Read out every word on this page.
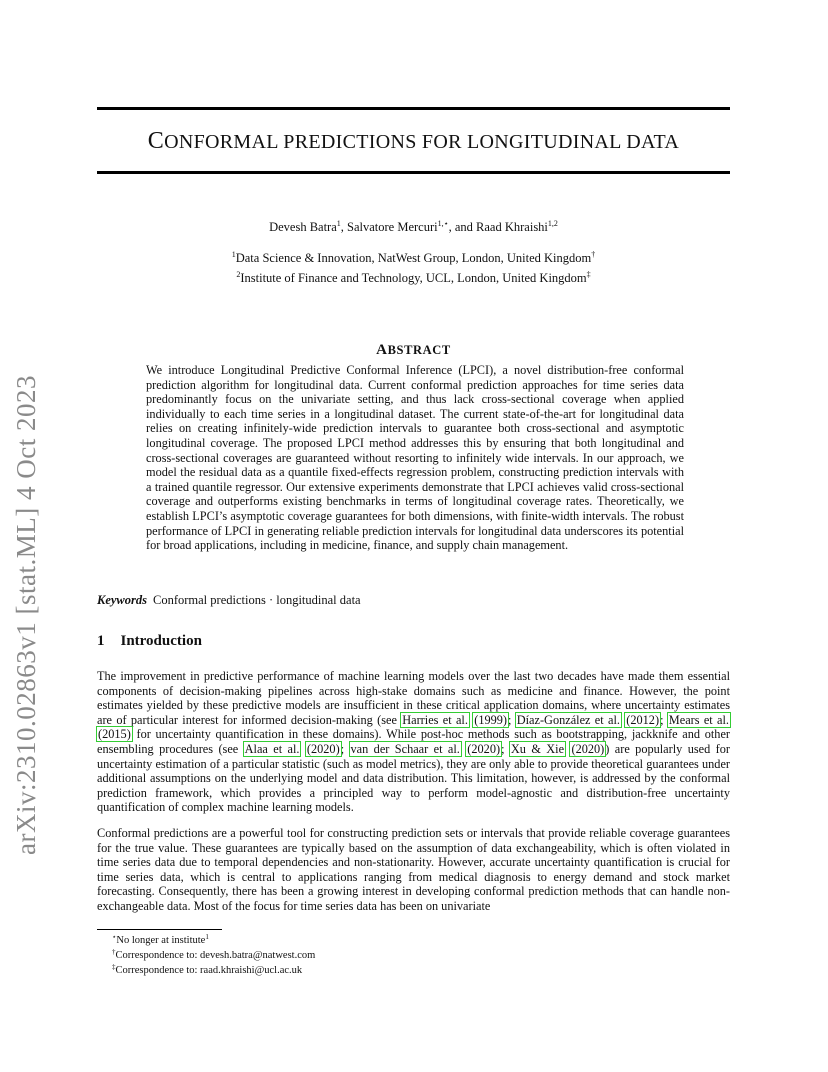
arXiv:2310.02863v1 [stat.ML] 4 Oct 2023
CONFORMAL PREDICTIONS FOR LONGITUDINAL DATA
Devesh Batra$^1$, Salvatore Mercuri$^{1,⋆}$, and Raad Khraishi$^{1,2}$
$^1$Data Science & Innovation, NatWest Group, London, United Kingdom†
$^2$Institute of Finance and Technology, UCL, London, United Kingdom‡
ABSTRACT
We introduce Longitudinal Predictive Conformal Inference (LPCI), a novel distribution-free conformal prediction algorithm for longitudinal data. Current conformal prediction approaches for time series data predominantly focus on the univariate setting, and thus lack cross-sectional coverage when applied individually to each time series in a longitudinal dataset. The current state-of-the-art for longitudinal data relies on creating infinitely-wide prediction intervals to guarantee both cross-sectional and asymptotic longitudinal coverage. The proposed LPCI method addresses this by ensuring that both longitudinal and cross-sectional coverages are guaranteed without resorting to infinitely wide intervals. In our approach, we model the residual data as a quantile fixed-effects regression problem, constructing prediction intervals with a trained quantile regressor. Our extensive experiments demonstrate that LPCI achieves valid cross-sectional coverage and outperforms existing benchmarks in terms of longitudinal coverage rates. Theoretically, we establish LPCI’s asymptotic coverage guarantees for both dimensions, with finite-width intervals. The robust performance of LPCI in generating reliable prediction intervals for longitudinal data underscores its potential for broad applications, including in medicine, finance, and supply chain management.
Keywords Conformal predictions · longitudinal data
1 Introduction
The improvement in predictive performance of machine learning models over the last two decades have made them essential components of decision-making pipelines across high-stake domains such as medicine and finance. However, the point estimates yielded by these predictive models are insufficient in these critical application domains, where uncertainty estimates are of particular interest for informed decision-making (see Harries et al. (1999); Díaz-González et al. (2012); Mears et al. (2015) for uncertainty quantification in these domains). While post-hoc methods such as bootstrapping, jackknife and other ensembling procedures (see Alaa et al. (2020); van der Schaar et al. (2020); Xu & Xie (2020)) are popularly used for uncertainty estimation of a particular statistic (such as model metrics), they are only able to provide theoretical guarantees under additional assumptions on the underlying model and data distribution. This limitation, however, is addressed by the conformal prediction framework, which provides a principled way to perform model-agnostic and distribution-free uncertainty quantification of complex machine learning models.
Conformal predictions are a powerful tool for constructing prediction sets or intervals that provide reliable coverage guarantees for the true value. These guarantees are typically based on the assumption of data exchangeability, which is often violated in time series data due to temporal dependencies and non-stationarity. However, accurate uncertainty quantification is crucial for time series data, which is central to applications ranging from medical diagnosis to energy demand and stock market forecasting. Consequently, there has been a growing interest in developing conformal prediction methods that can handle non-exchangeable data. Most of the focus for time series data has been on univariate
⋆No longer at institute$^1$
†Correspondence to: devesh.batra@natwest.com
‡Correspondence to: raad.khraishi@ucl.ac.uk
